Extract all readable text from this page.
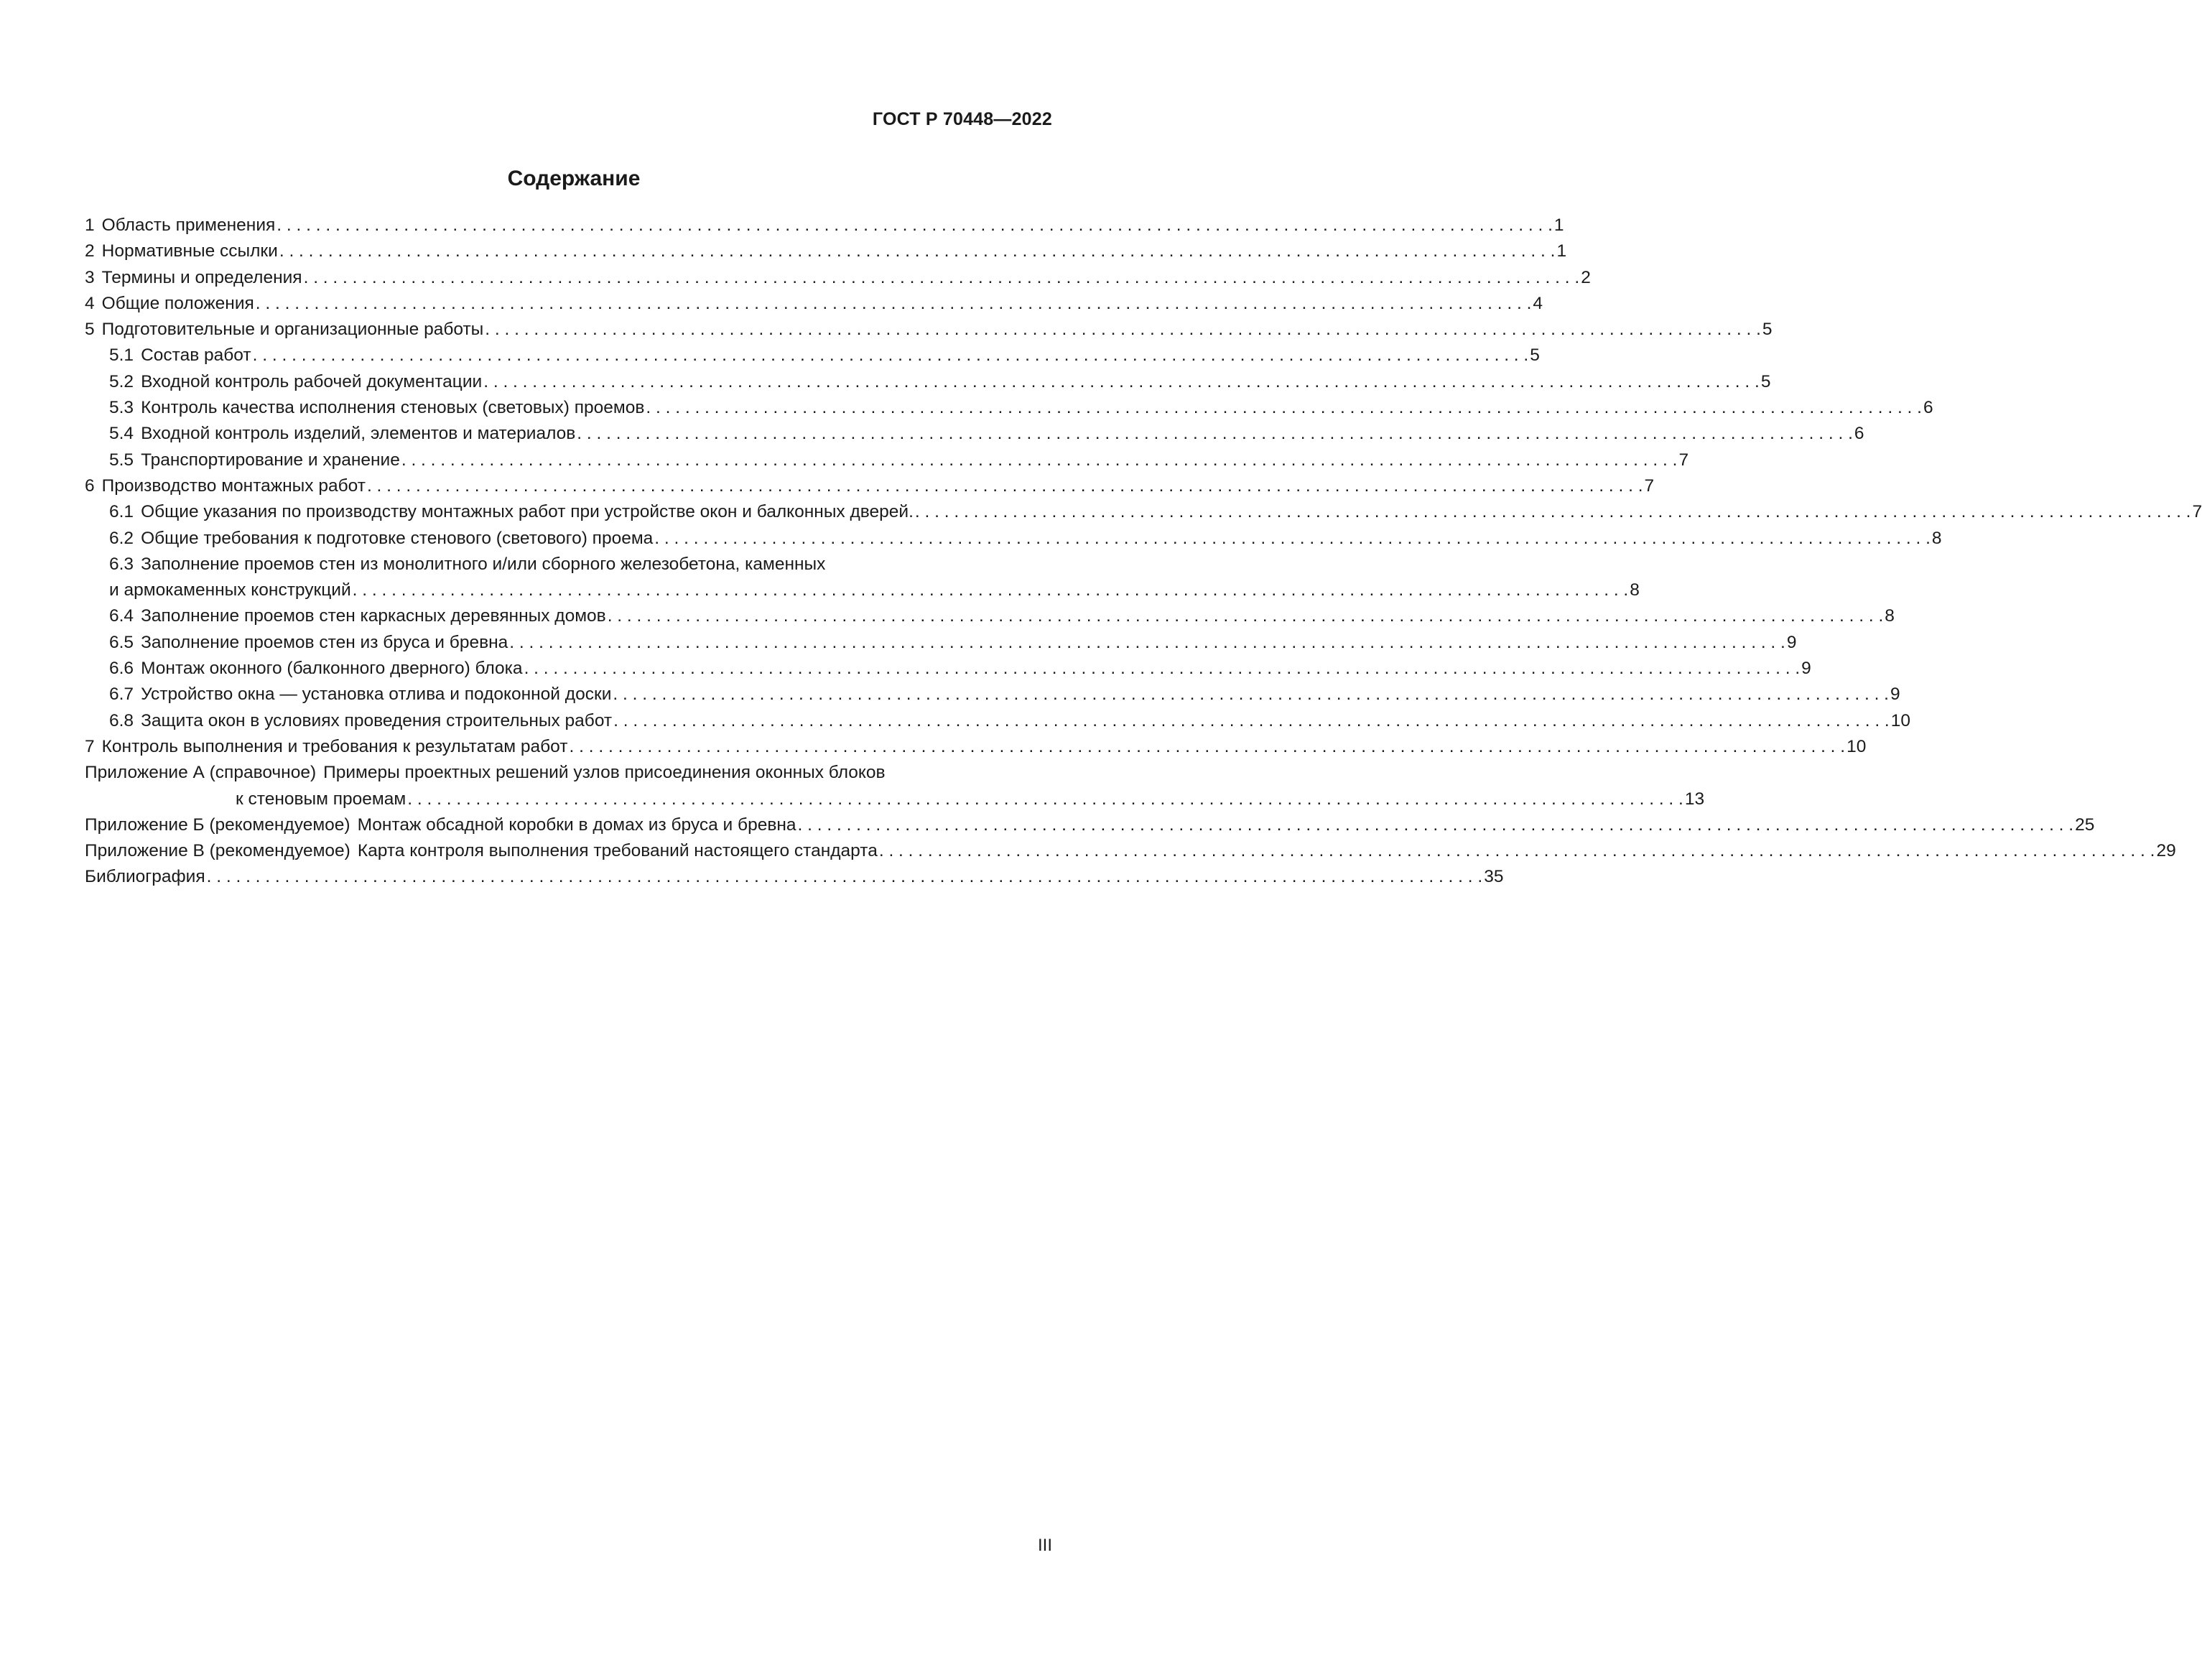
ГОСТ Р 70448—2022
Содержание
1 Область применения . . .	1
2 Нормативные ссылки . . .	1
3 Термины и определения . . .	2
4 Общие положения . . .	4
5 Подготовительные и организационные работы . . .	5
5.1 Состав работ . . .	5
5.2 Входной контроль рабочей документации . . .	5
5.3 Контроль качества исполнения стеновых (световых) проемов . . .	6
5.4 Входной контроль изделий, элементов и материалов . . .	6
5.5 Транспортирование и хранение . . .	7
6 Производство монтажных работ . . .	7
6.1 Общие указания по производству монтажных работ при устройстве окон и балконных дверей. . . .	7
6.2 Общие требования к подготовке стенового (светового) проема . . .	8
6.3 Заполнение проемов стен из монолитного и/или сборного железобетона, каменных
и армокаменных конструкций . . .	8
6.4 Заполнение проемов стен каркасных деревянных домов . . .	8
6.5 Заполнение проемов стен из бруса и бревна . . .	9
6.6 Монтаж оконного (балконного дверного) блока . . .	9
6.7 Устройство окна — установка отлива и подоконной доски . . .	9
6.8 Защита окон в условиях проведения строительных работ . . .	10
7 Контроль выполнения и требования к результатам работ . . .	10
Приложение А (справочное) Примеры проектных решений узлов присоединения оконных блоков
к стеновым проемам . . .	13
Приложение Б (рекомендуемое) Монтаж обсадной коробки в домах из бруса и бревна . . .	25
Приложение В (рекомендуемое) Карта контроля выполнения требований настоящего стандарта . . .	29
Библиография . . .	35
III
